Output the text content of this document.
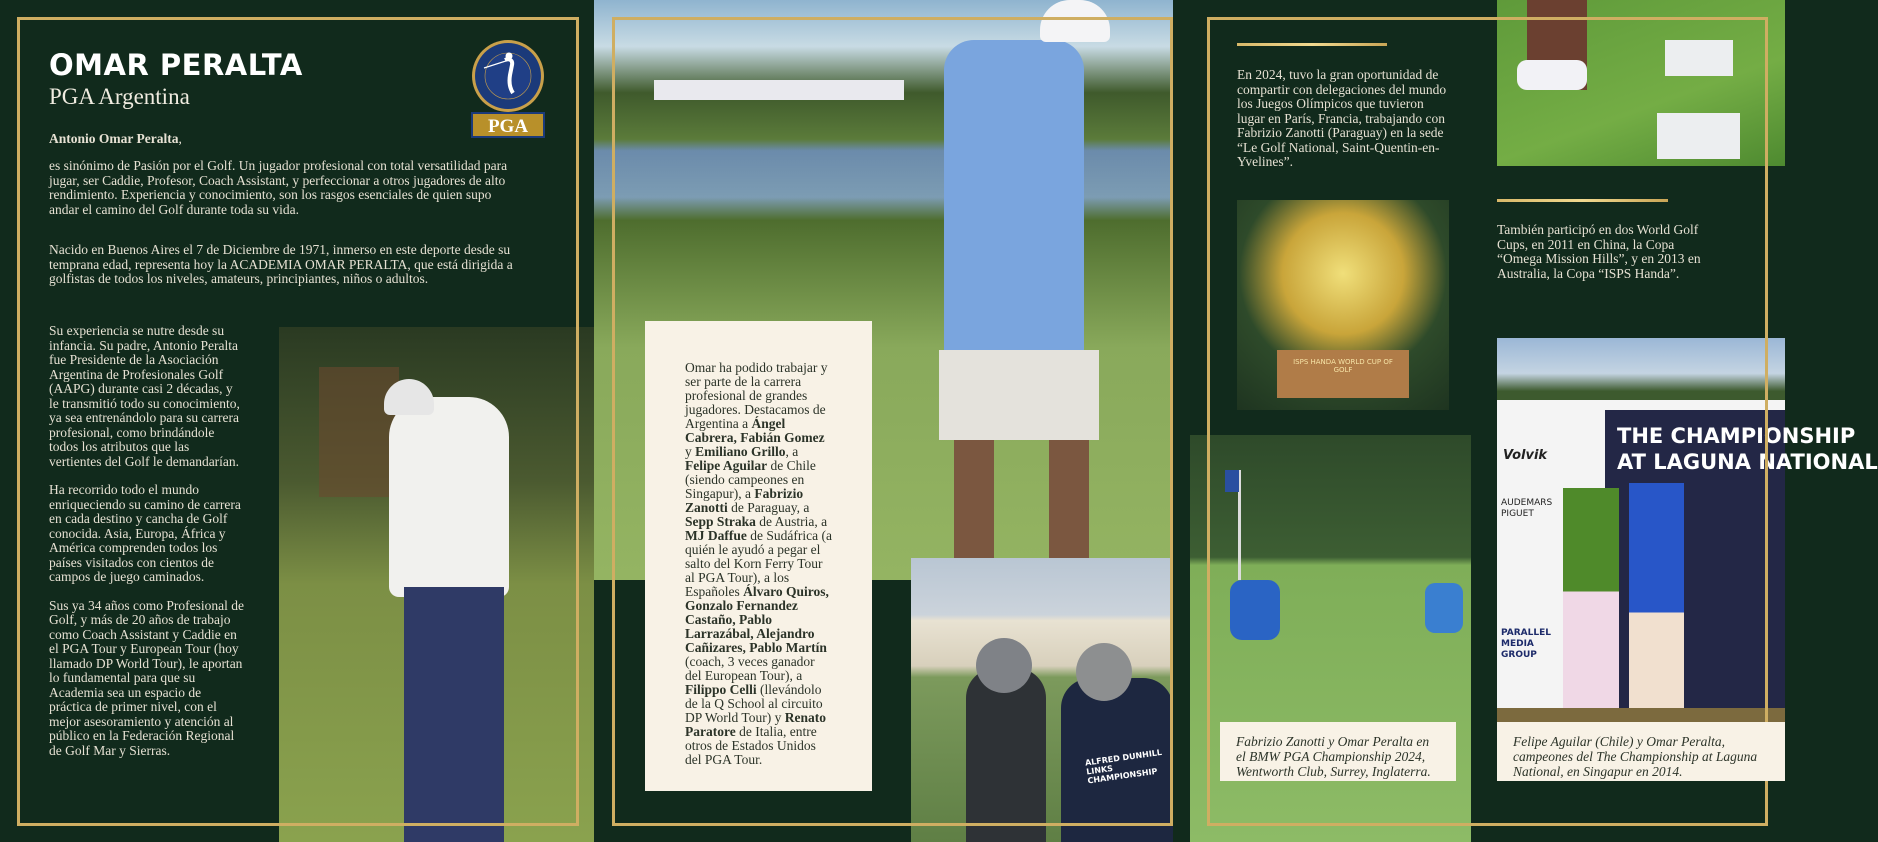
OMAR PERALTA
PGA Argentina
PGA
Antonio Omar Peralta,
es sinónimo de Pasión por el Golf. Un jugador profesional con total versatilidad para jugar, ser Caddie, Profesor, Coach Assistant, y perfeccionar a otros jugadores de alto rendimiento. Experiencia y conocimiento, son los rasgos esenciales de quien supo andar el camino del Golf durante toda su vida.
Nacido en Buenos Aires el 7 de Diciembre de 1971, inmerso en este deporte desde su temprana edad, representa hoy la ACADEMIA OMAR PERALTA, que está dirigida a golfistas de todos los niveles, amateurs, principiantes, niños o adultos.

Su experiencia se nutre desde su infancia. Su padre, Antonio Peralta fue Presidente de la Asociación Argentina de Profesionales Golf (AAPG) durante casi 2 décadas, y le transmitió todo su conocimiento, ya sea entrenándolo para su carrera profesional, como brindándole todos los atributos que las vertientes del Golf le demandarían.

Ha recorrido todo el mundo enriqueciendo su camino de carrera en cada destino y cancha de Golf conocida. Asia, Europa, África y América comprenden todos los países visitados con cientos de campos de juego caminados.

Sus ya 34 años como Profesional de Golf, y más de 20 años de trabajo como Coach Assistant y Caddie en el PGA Tour y European Tour (hoy llamado DP World Tour), le aportan lo fundamental para que su Academia sea un espacio de práctica de primer nivel, con el mejor asesoramiento y atención al público en la Federación Regional de Golf Mar y Sierras.	ALFRED DUNHILL LINKS CHAMPIONSHIP
Omar ha podido trabajar y ser parte de la carrera profesional de grandes jugadores. Destacamos de Argentina a Ángel Cabrera, Fabián Gomez y Emiliano Grillo, a Felipe Aguilar de Chile (siendo campeones en Singapur), a Fabrizio Zanotti de Paraguay, a Sepp Straka de Austria, a MJ Daffue de Sudáfrica (a quién le ayudó a pegar el salto del Korn Ferry Tour al PGA Tour), a los Españoles Álvaro Quiros, Gonzalo Fernandez Castaño, Pablo Larrazábal, Alejandro Cañizares, Pablo Martín (coach, 3 veces ganador del European Tour), a Filippo Celli (llevándolo de la Q School al circuito DP World Tour) y Renato Paratore de Italia, entre otros de Estados Unidos del PGA Tour.
En 2024, tuvo la gran oportunidad de compartir con delegaciones del mundo los Juegos Olímpicos que tuvieron lugar en París, Francia, trabajando con Fabrizio Zanotti (Paraguay) en la sede “Le Golf National, Saint-Quentin-en-Yvelines”.
ISPS HANDA WORLD CUP OF GOLF
También participó en dos World Golf Cups, en 2011 en China, la Copa “Omega Mission Hills”, y en 2013 en Australia, la Copa “ISPS Handa”.
Fabrizio Zanotti y Omar Peralta en el BMW PGA Championship 2024, Wentworth Club, Surrey, Inglaterra.
THE CHAMPIONSHIP
AT LAGUNA NATIONAL
Volvik
AUDEMARS PIGUET
PARALLEL MEDIA GROUP
Felipe Aguilar (Chile) y Omar Peralta, campeones del The Championship at Laguna National, en Singapur en 2014.
